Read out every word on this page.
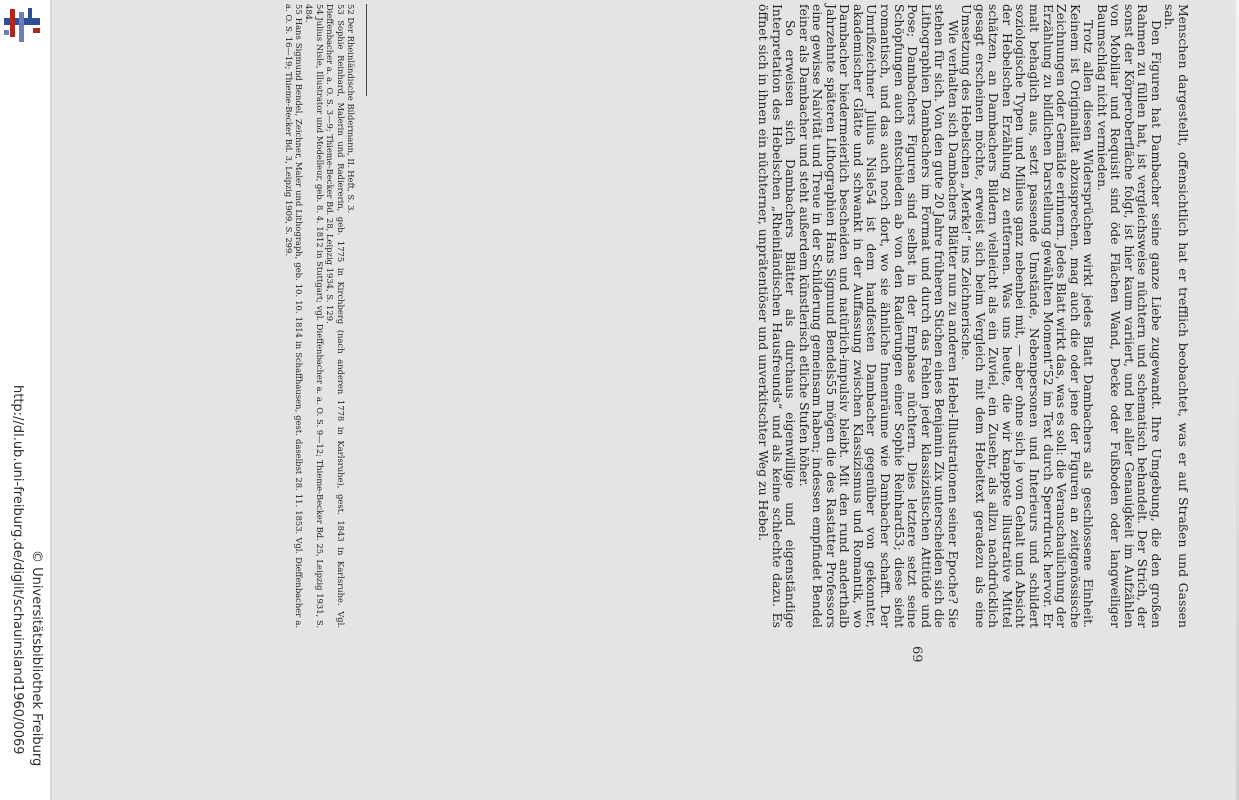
http://dl.ub.uni-freiburg.de/diglit/schauinsland1960/0069 © Universitätsbibliothek Freiburg

Menschen dargestellt, offensichtlich hat er trefflich beobachtet, was er auf Straßen und Gassen sah.

Den Figuren hat Dambacher seine ganze Liebe zugewandt. Ihre Umgebung, die den großen Rahmen zu füllen hat, ist vergleichsweise nüchtern und schematisch behandelt. Der Strich, der sonst der Körperoberfläche folgt, ist hier kaum variiert, und bei aller Genauigkeit im Aufzählen von Mobiliar und Requisit sind öde Flächen Wand, Decke oder Fußboden oder langweiliger Baumschlag nicht vermieden.

Trotz allen diesen Widersprüchen wirkt jedes Blatt Dambachers als geschlossene Einheit. Keinem ist Originalität abzusprechen, mag auch die oder jene der Figuren an zeitgenössische Zeichnungen oder Gemälde erinnern. Jedes Blatt wirkt das, was es soll: die Veranschaulichung der Erzählung zu bildlichen Darstellung gewählten Moment“52 im Text durch Sperrdruck hervor. Er malt behaglich aus, setzt passende Umstände, Nebenpersonen und Interieurs und schildert soziologische Typen und Milieus ganz nebenbei mit, — aber ohne sich je von Gehalt und Absicht der Hebelschen Erzählung zu entfernen. Was uns heute, die wir knappste illustrative Mittel schätzen, an Dambachers Bildern vielleicht als ein Zuviel, ein Zusehr, als allzu nachdrücklich gesagt erscheinen möchte, erweist sich beim Vergleich mit dem Hebeltext geradezu als eine Umsetzung des Hebelschen „Merke!“ ins Zeichnerische.

Wie verhalten sich Dambachers Blätter nun zu anderen Hebel-Illustrationen seiner Epoche? Sie stehen für sich. Von den gute 20 Jahre früheren Stichen eines Benjamin Zix unterscheiden sich die Lithographien Dambachers im Format und durch das Fehlen jeder klassizistischen Attitüde und Pose; Dambachers Figuren sind selbst in der Emphase nüchtern. Dies letztere setzt seine Schöpfungen auch entschieden ab von den Radierungen einer Sophie Reinhard53; diese sieht romantisch, und das auch noch dort, wo sie ähnliche Innenräume wie Dambacher schafft. Der Umrißzeichner Julius Nisle54 ist dem handfesten Dambacher gegenüber von gekonnter, akademischer Glätte und schwankt in der Auffassung zwischen Klassizismus und Romantik, wo Dambacher biedermeierlich bescheiden und natürlich-impulsiv bleibt. Mit den rund anderthalb Jahrzehnte späteren Lithographien Hans Sigmund Bendels55 mögen die des Rastatter Professors eine gewisse Naivität und Treue in der Schilderung gemeinsam haben; indessen empfindet Bendel feiner als Dambacher und steht außerdem künstlerisch etliche Stufen höher.

So erweisen sich Dambachers Blätter als durchaus eigenwillige und eigenständige Interpretation des Hebelschen „Rheinländischen Hausfreunds“ und als keine schlechte dazu. Es öffnet sich in ihnen ein nüchterner, unprätentiöser und unverkitschter Weg zu Hebel.

52 Der Rheinländische Bildermann, II. Heft, S. 3.

53 Sophie Reinhard, Malerin und Radiererin, geb. 1775 in Kirchberg (nach anderen 1778 in Karlsruhe), gest. 1843 in Karlsruhe. Vgl. Dieffenbacher a. a. O. S. 3—9; Thieme-Becker Bd. 28, Leipzig 1934, S. 129.

54 Julius Nisle, Illustrator und Modelleur, geb. 8. 4. 1812 in Stuttgart; vgl. Dieffenbacher a. a. O. S. 9—12; Thieme-Becker Bd. 25, Leipzig 1931, S. 484.

55 Hans Sigmund Bendel, Zeichner, Maler und Lithograph, geb. 10. 10. 1814 in Schaffhausen, gest. daselbst 28. 11. 1853. Vgl. Dieffenbacher a. a. O. S. 16—19; Thieme-Becker Bd. 3, Leipzig 1909, S. 299.

69
